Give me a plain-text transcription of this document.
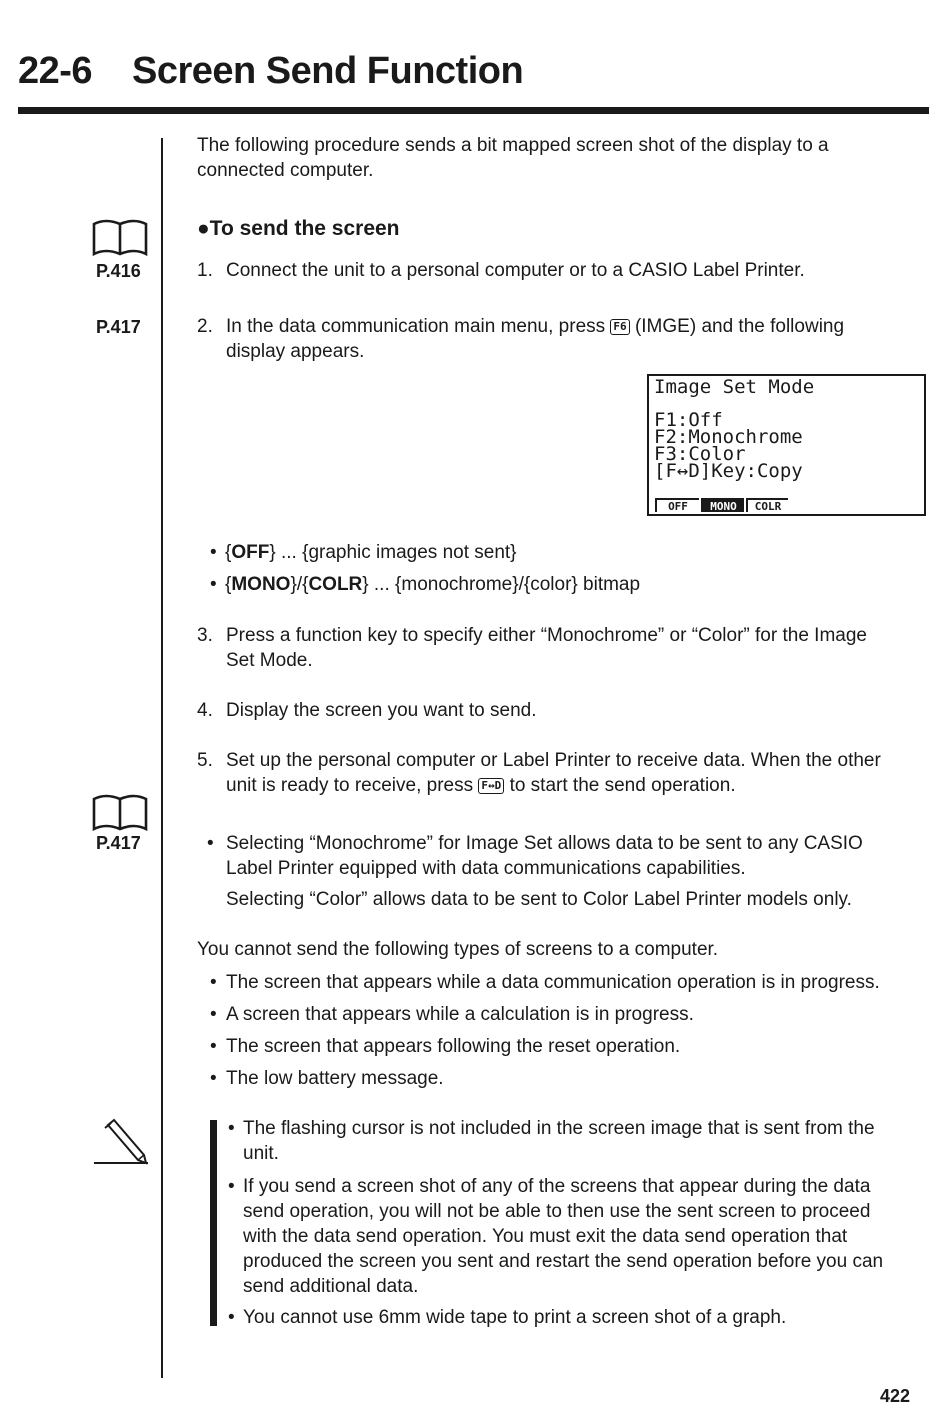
22-6 Screen Send Function
The following procedure sends a bit mapped screen shot of the display to a
connected computer.
P.416
P.417
●To send the screen
1. Connect the unit to a personal computer or to a CASIO Label Printer.
2. In the data communication main menu, press F6 (IMGE) and the following
display appears.
Image Set Mode
F1:Off
F2:Monochrome
F3:Color
[F↔D]Key:Copy
OFF	MONO	COLR
• {OFF} ... {graphic images not sent}
• {MONO}/{COLR} ... {monochrome}/{color} bitmap
3. Press a function key to specify either “Monochrome” or “Color” for the Image
Set Mode.
4. Display the screen you want to send.
5. Set up the personal computer or Label Printer to receive data. When the other
unit is ready to receive, press F↔D to start the send operation.
P.417	• Selecting “Monochrome” for Image Set allows data to be sent to any CASIO
Label Printer equipped with data communications capabilities.
Selecting “Color” allows data to be sent to Color Label Printer models only.
You cannot send the following types of screens to a computer.
• The screen that appears while a data communication operation is in progress.
• A screen that appears while a calculation is in progress.
• The screen that appears following the reset operation.
• The low battery message.
• The flashing cursor is not included in the screen image that is sent from the
unit.
• If you send a screen shot of any of the screens that appear during the data
send operation, you will not be able to then use the sent screen to proceed
with the data send operation. You must exit the data send operation that
produced the screen you sent and restart the send operation before you can
send additional data.
• You cannot use 6mm wide tape to print a screen shot of a graph.
422
